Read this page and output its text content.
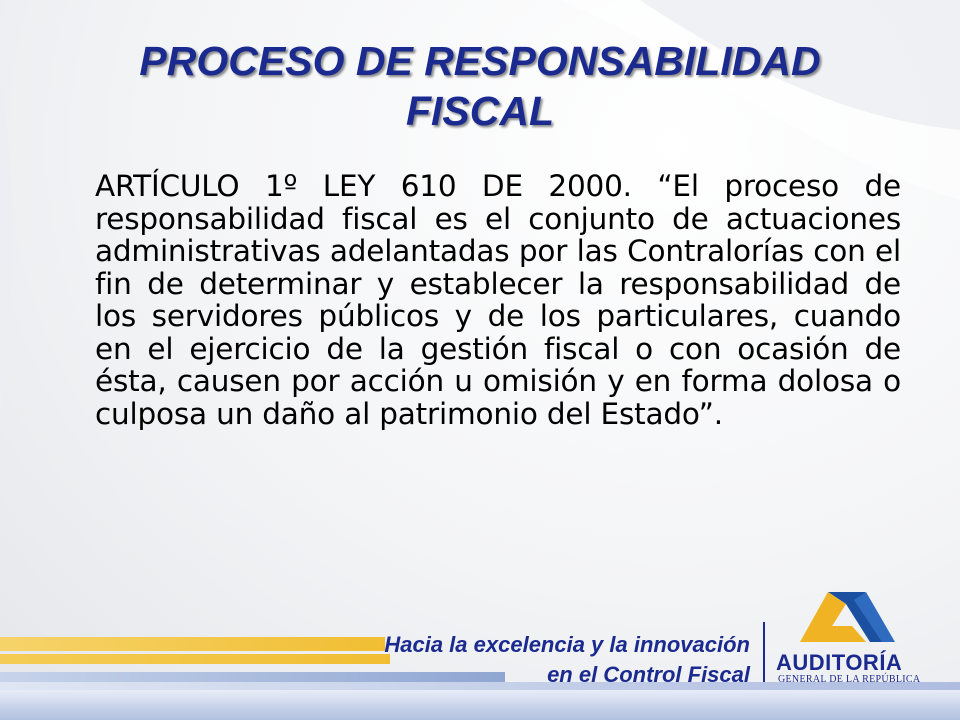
PROCESO DE RESPONSABILIDAD
FISCAL
ARTÍCULO 1º LEY 610 DE 2000. “El proceso de responsabilidad fiscal es el conjunto de actuaciones administrativas adelantadas por las Contralorías con el fin de determinar y establecer la responsabilidad de los servidores públicos y de los particulares, cuando en el ejercicio de la gestión fiscal o con ocasión de ésta, causen por acción u omisión y en forma dolosa o culposa un daño al patrimonio del Estado”.
Hacia la excelencia y la innovación
en el Control Fiscal AUDITORÍA
GENERAL DE LA REPÚBLICA
